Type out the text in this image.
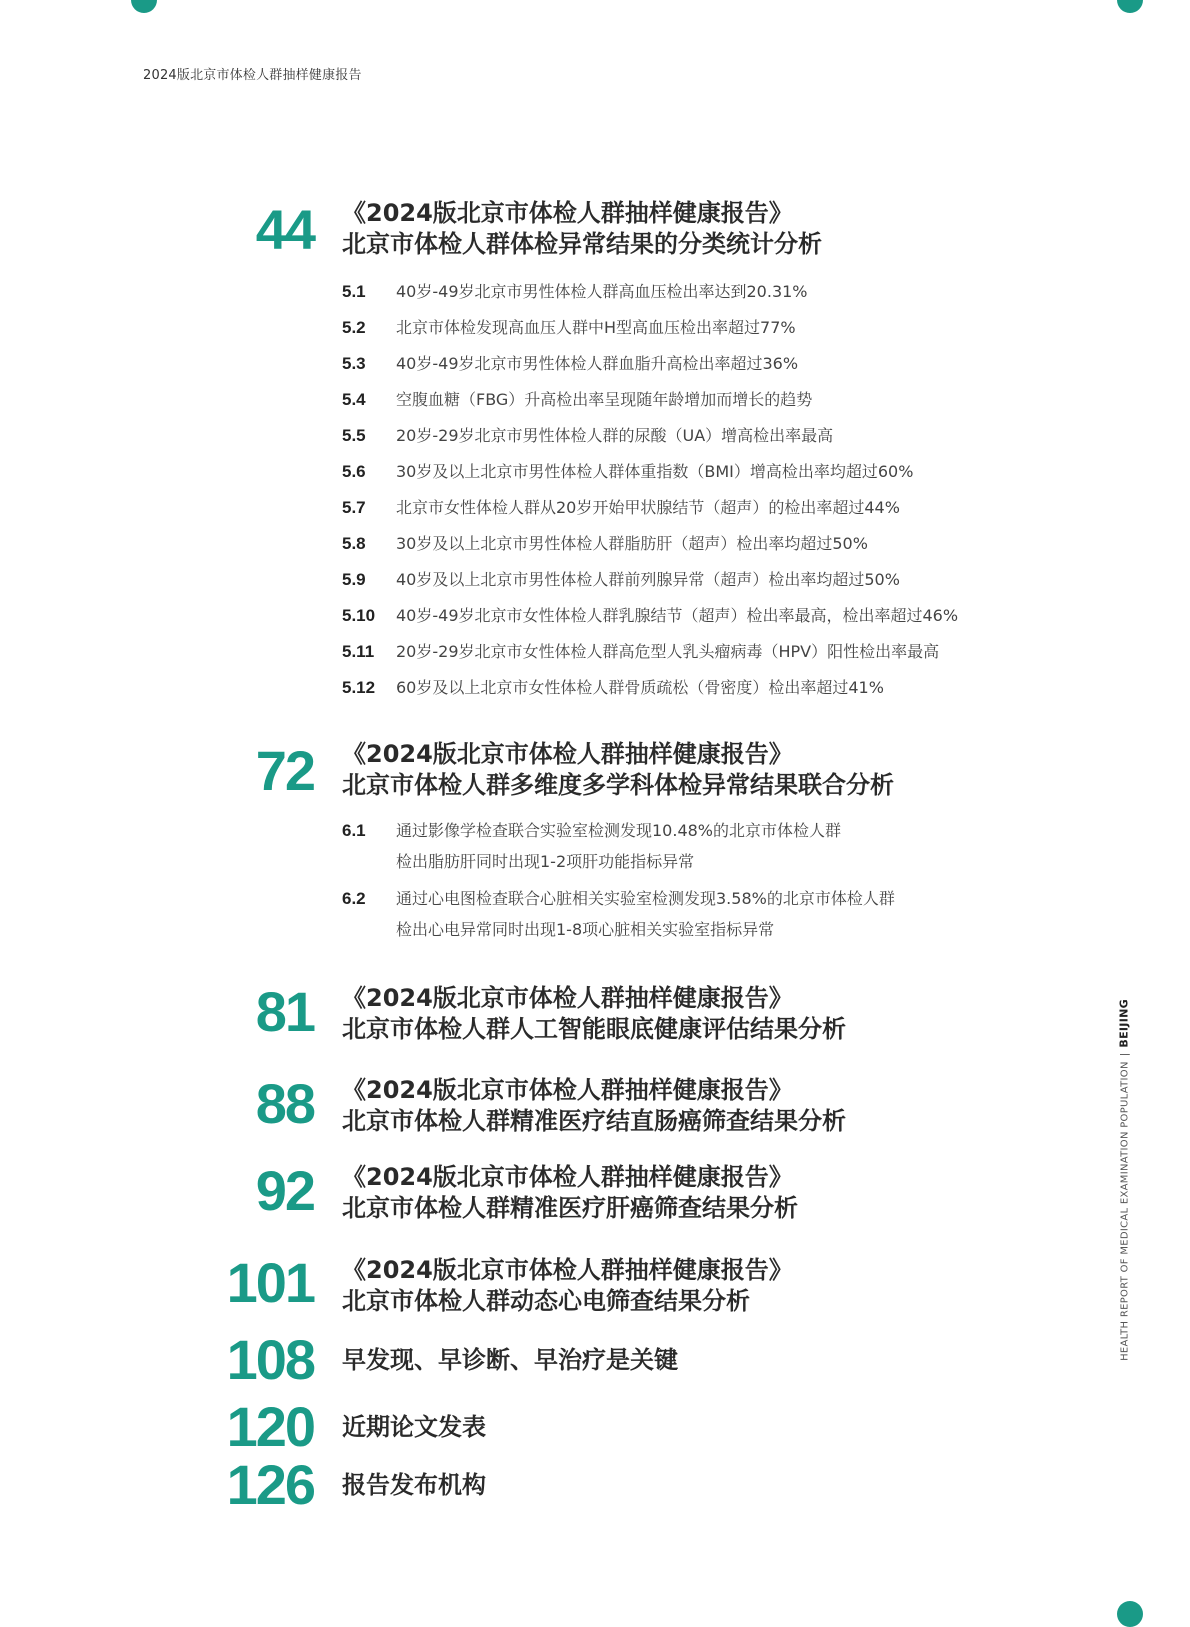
2024版北京市体检人群抽样健康报告
HEALTH REPORT OF MEDICAL EXAMINATION POPULATION|BEIJING
44 《2024版北京市体检人群抽样健康报告》
北京市体检人群体检异常结果的分类统计分析
5.1 40岁-49岁北京市男性体检人群高血压检出率达到20.31%
5.2北京市体检发现高血压人群中H型高血压检出率超过77%
5.3 40岁-49岁北京市男性体检人群血脂升高检出率超过36%
5.4 空腹血糖（FBG）升高检出率呈现随年龄增加而增长的趋势
5.5 20岁-29岁北京市男性体检人群的尿酸（UA）增高检出率最高
5.6 30岁及以上北京市男性体检人群体重指数（BMI）增高检出率均超过60%
5.7 北京市女性体检人群从20岁开始甲状腺结节（超声）的检出率超过44%
5.8 30岁及以上北京市男性体检人群脂肪肝（超声）检出率均超过50%
5.9 40岁及以上北京市男性体检人群前列腺异常（超声）检出率均超过50%
5.10 40岁-49岁北京市女性体检人群乳腺结节（超声）检出率最高，检出率超过46%
5.11 20岁-29岁北京市女性体检人群高危型人乳头瘤病毒（HPV）阳性检出率最高
5.12 60岁及以上北京市女性体检人群骨质疏松（骨密度）检出率超过41%
72 《2024版北京市体检人群抽样健康报告》
北京市体检人群多维度多学科体检异常结果联合分析
6.1 通过影像学检查联合实验室检测发现10.48%的北京市体检人群
检出脂肪肝同时出现1-2项肝功能指标异常
6.2 通过心电图检查联合心脏相关实验室检测发现3.58%的北京市体检人群
检出心电异常同时出现1-8项心脏相关实验室指标异常
81 《2024版北京市体检人群抽样健康报告》
北京市体检人群人工智能眼底健康评估结果分析
88 《2024版北京市体检人群抽样健康报告》
北京市体检人群精准医疗结直肠癌筛查结果分析
92 《2024版北京市体检人群抽样健康报告》
北京市体检人群精准医疗肝癌筛查结果分析
101 《2024版北京市体检人群抽样健康报告》
北京市体检人群动态心电筛查结果分析
108 早发现、早诊断、早治疗是关键
120 近期论文发表
126 报告发布机构
